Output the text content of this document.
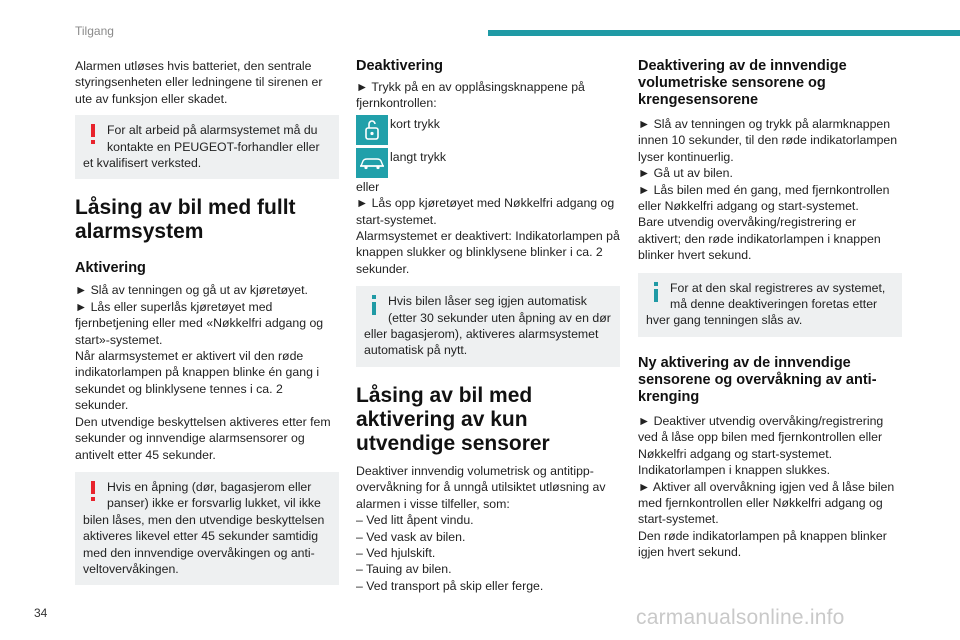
Tilgang

Alarmen utløses hvis batteriet, den sentrale styringsenheten eller ledningene til sirenen er ute av funksjon eller skadet.

For alt arbeid på alarmsystemet må du kontakte en PEUGEOT-forhandler eller

et kvalifisert verksted.

Låsing av bil med fullt alarmsystem
Aktivering

► Slå av tenningen og gå ut av kjøretøyet.

► Lås eller superlås kjøretøyet med fjernbetjening eller med «Nøkkelfri adgang og start»-systemet.

Når alarmsystemet er aktivert vil den røde indikatorlampen på knappen blinke én gang i sekundet og blinklysene tennes i ca. 2 sekunder.

Den utvendige beskyttelsen aktiveres etter fem sekunder og innvendige alarmsensorer og antivelt etter 45 sekunder.

Hvis en åpning (dør, bagasjerom eller panser) ikke er forsvarlig lukket, vil ikke

bilen låses, men den utvendige beskyttelsen aktiveres likevel etter 45 sekunder samtidig med den innvendige overvåkingen og anti-veltovervåkingen.

Deaktivering

► Trykk på en av opplåsingsknappene på fjernkontrollen:

kort trykk
langt trykk

eller

► Lås opp kjøretøyet med Nøkkelfri adgang og start-systemet.

Alarmsystemet er deaktivert: Indikatorlampen på knappen slukker og blinklysene blinker i ca. 2 sekunder.

Hvis bilen låser seg igjen automatisk (etter 30 sekunder uten åpning av en dør

eller bagasjerom), aktiveres alarmsystemet automatisk på nytt.

Låsing av bil med aktivering av kun utvendige sensorer

Deaktiver innvendig volumetrisk og antitipp-overvåkning for å unngå utilsiktet utløsning av alarmen i visse tilfeller, som:

– Ved litt åpent vindu.

– Ved vask av bilen.

– Ved hjulskift.

– Tauing av bilen.

– Ved transport på skip eller ferge.

Deaktivering av de innvendige volumetriske sensorene og krengesensorene

► Slå av tenningen og trykk på alarmknappen innen 10 sekunder, til den røde indikatorlampen lyser kontinuerlig.

► Gå ut av bilen.

► Lås bilen med én gang, med fjernkontrollen eller Nøkkelfri adgang og start-systemet.

Bare utvendig overvåking/registrering er aktivert; den røde indikatorlampen i knappen blinker hvert sekund.

For at den skal registreres av systemet, må denne deaktiveringen foretas etter

hver gang tenningen slås av.

Ny aktivering av de innvendige sensorene og overvåkning av anti-krenging

► Deaktiver utvendig overvåking/registrering ved å låse opp bilen med fjernkontrollen eller Nøkkelfri adgang og start-systemet.

Indikatorlampen i knappen slukkes.

► Aktiver all overvåkning igjen ved å låse bilen med fjernkontrollen eller Nøkkelfri adgang og start-systemet.

Den røde indikatorlampen på knappen blinker igjen hvert sekund.

34	carmanualsonline.info
